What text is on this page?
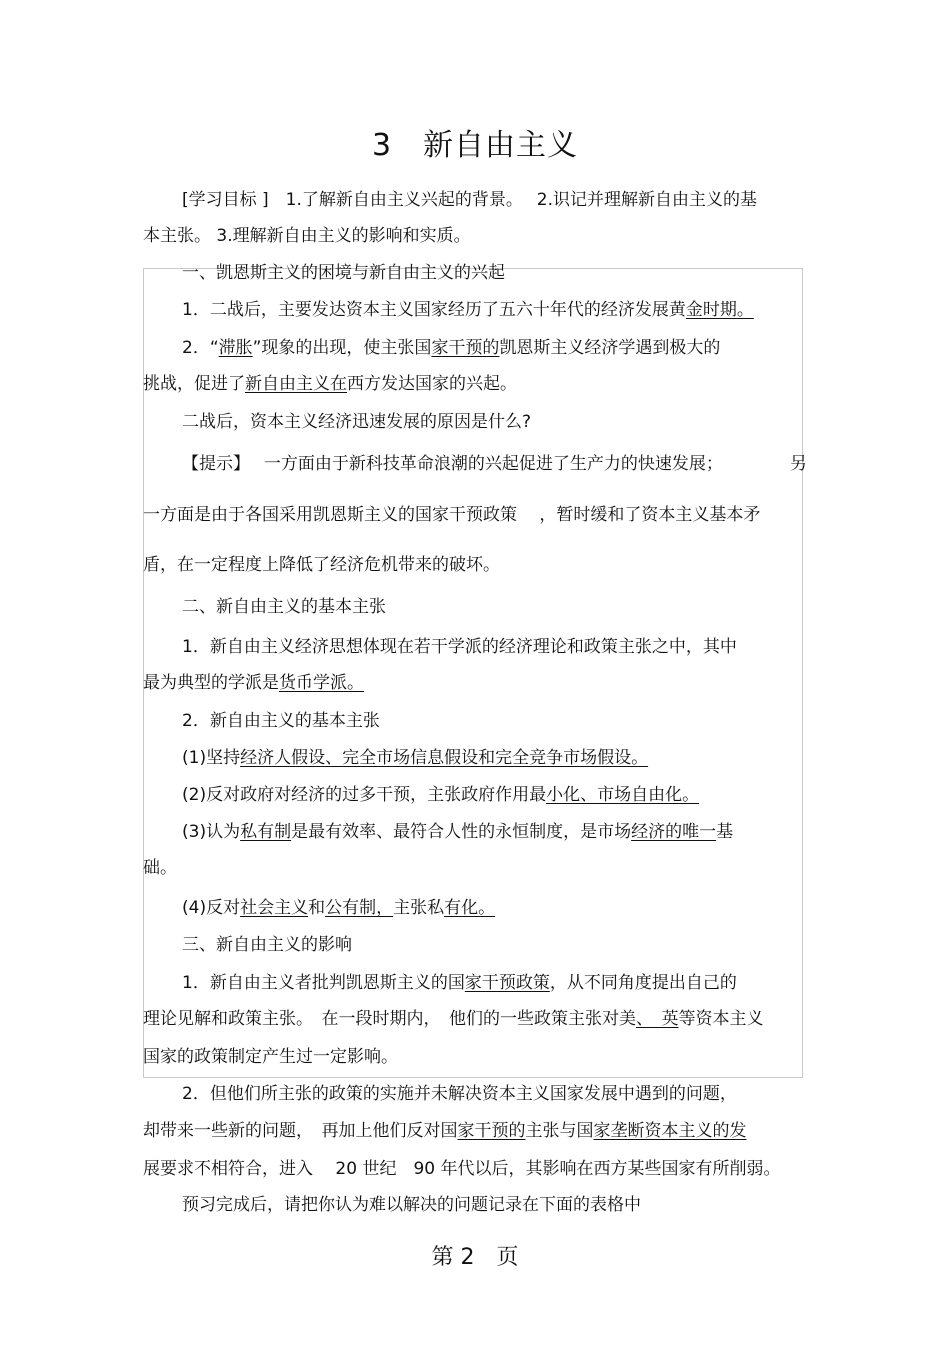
3　新自由主义
[学习目标 ]　1.了解新自由主义兴起的背景。　 2.识记并理解新自由主义的基
本主张。 3.理解新自由主义的影响和实质。
一、凯恩斯主义的困境与新自由主义的兴起
1．二战后，主要发达资本主义国家经历了五六十年代的经济发展黄金时期。
2．“滞胀”现象的出现，使主张国家干预的凯恩斯主义经济学遇到极大的
挑战，促进了新自由主义在西方发达国家的兴起。
二战后，资本主义经济迅速发展的原因是什么?
【提示】　 一方面由于新科技革命浪潮的兴起促进了生产力的快速发展；	另
一方面是由于各国采用凯恩斯主义的国家干预政策　 ，暂时缓和了资本主义基本矛
盾，在一定程度上降低了经济危机带来的破坏。
二、新自由主义的基本主张
1．新自由主义经济思想体现在若干学派的经济理论和政策主张之中，其中
最为典型的学派是货币学派。
2．新自由主义的基本主张
(1)坚持经济人假设、完全市场信息假设和完全竞争市场假设。
(2)反对政府对经济的过多干预，主张政府作用最小化、市场自由化。
(3)认为私有制是最有效率、最符合人性的永恒制度，是市场经济的唯一基
础。
(4)反对社会主义和公有制，主张私有化。
三、新自由主义的影响
1．新自由主义者批判凯恩斯主义的国家干预政策，从不同角度提出自己的
理论见解和政策主张。　在一段时期内，　他们的一些政策主张对美、　英等资本主义
国家的政策制定产生过一定影响。
2．但他们所主张的政策的实施并未解决资本主义国家发展中遇到的问题，
却带来一些新的问题，　再加上他们反对国家干预的主张与国家垄断资本主义的发
展要求不相符合，进入　 20 世纪　90 年代以后，其影响在西方某些国家有所削弱。
预习完成后，请把你认为难以解决的问题记录在下面的表格中
第 2　页
